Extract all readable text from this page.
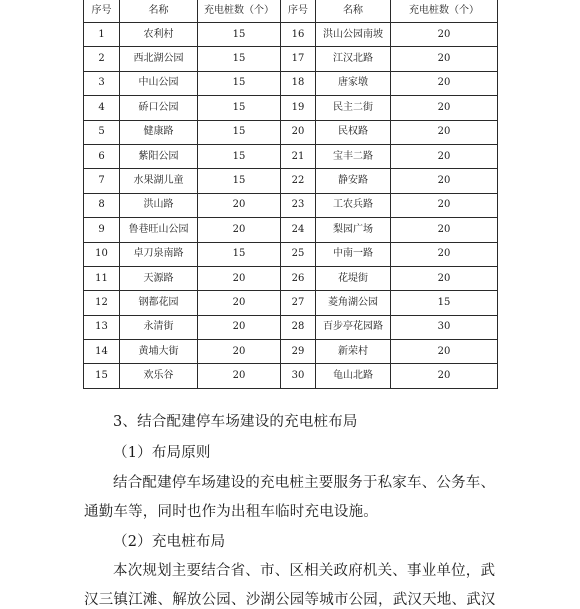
序号	名称	充电桩数（个）	序号	名称	充电桩数（个）
1	农利村	15	16	洪山公园南坡	20
2	西北湖公园	15	17	江汉北路	20
3	中山公园	15	18	唐家墩	20
4	硚口公园	15	19	民主二街	20
5	健康路	15	20	民权路	20
6	紫阳公园	15	21	宝丰二路	20
7	水果湖儿童	15	22	静安路	20
8	洪山路	20	23	工农兵路	20
9	鲁巷旺山公园	20	24	梨园广场	20
10	卓刀泉南路	15	25	中南一路	20
11	天源路	20	26	花堤街	20
12	钢都花园	20	27	菱角湖公园	15
13	永清街	20	28	百步亭花园路	30
14	黄埔大街	20	29	新荣村	20
15	欢乐谷	20	30	龟山北路	20
3、结合配建停车场建设的充电桩布局
（1）布局原则
结合配建停车场建设的充电桩主要服务于私家车、公务车、
通勤车等，同时也作为出租车临时充电设施。
（2）充电桩布局
本次规划主要结合省、市、区相关政府机关、事业单位，武
汉三镇江滩、解放公园、沙湖公园等城市公园，武汉天地、武汉
